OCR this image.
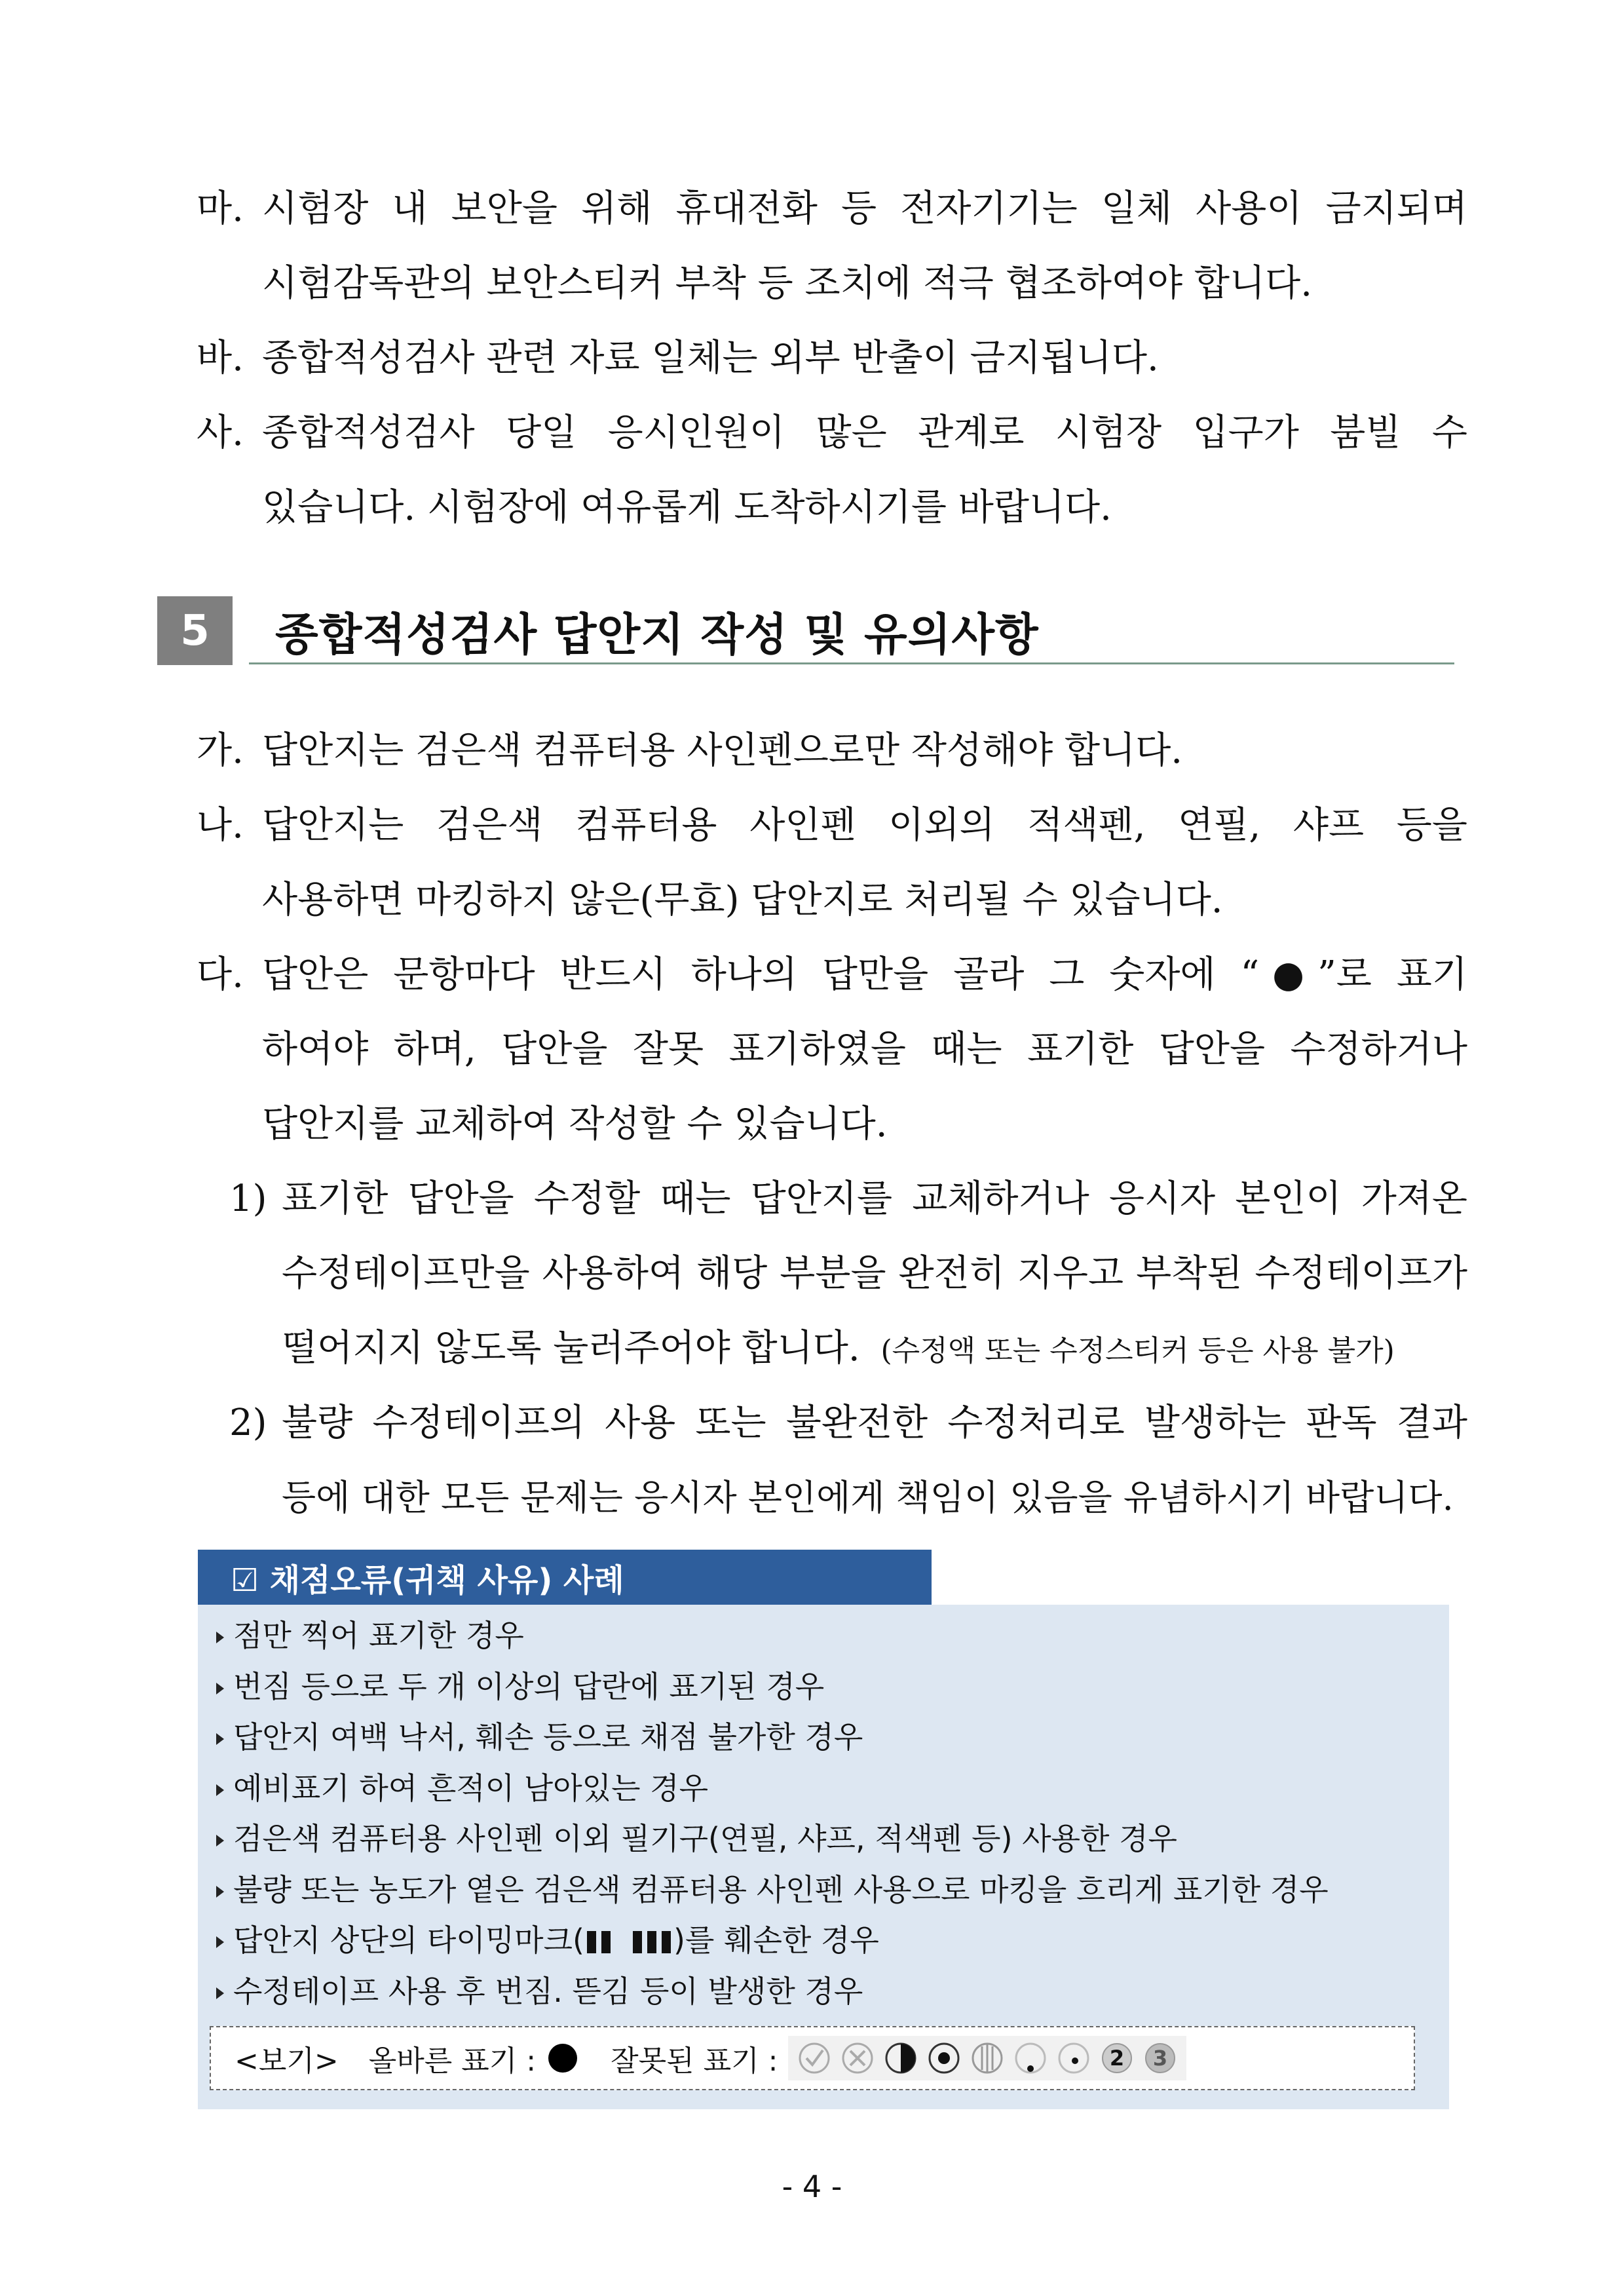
마. 시험장 내 보안을 위해 휴대전화 등 전자기기는 일체 사용이 금지되며
시험감독관의 보안스티커 부착 등 조치에 적극 협조하여야 합니다.
바. 종합적성검사 관련 자료 일체는 외부 반출이 금지됩니다.
사. 종합적성검사 당일 응시인원이 많은 관계로 시험장 입구가 붐빌 수
있습니다. 시험장에 여유롭게 도착하시기를 바랍니다.
5	종합적성검사 답안지 작성 및 유의사항
가. 답안지는 검은색 컴퓨터용 사인펜으로만 작성해야 합니다.
나. 답안지는 검은색 컴퓨터용 사인펜 이외의 적색펜, 연필, 샤프 등을
사용하면 마킹하지 않은(무효) 답안지로 처리될 수 있습니다.
다. 답안은 문항마다 반드시 하나의 답만을 골라 그 숫자에 “●”로 표기
하여야 하며, 답안을 잘못 표기하였을 때는 표기한 답안을 수정하거나
답안지를 교체하여 작성할 수 있습니다.
1) 표기한 답안을 수정할 때는 답안지를 교체하거나 응시자 본인이 가져온
수정테이프만을 사용하여 해당 부분을 완전히 지우고 부착된 수정테이프가
떨어지지 않도록 눌러주어야 합니다. (수정액 또는 수정스티커 등은 사용 불가)
2) 불량 수정테이프의 사용 또는 불완전한 수정처리로 발생하는 판독 결과
등에 대한 모든 문제는 응시자 본인에게 책임이 있음을 유념하시기 바랍니다.
☑ 채점오류(귀책 사유) 사례
점만 찍어 표기한 경우
번짐 등으로 두 개 이상의 답란에 표기된 경우
답안지 여백 낙서, 훼손 등으로 채점 불가한 경우
예비표기 하여 흔적이 남아있는 경우
검은색 컴퓨터용 사인펜 이외 필기구(연필, 샤프, 적색펜 등) 사용한 경우
불량 또는 농도가 옅은 검은색 컴퓨터용 사인펜 사용으로 마킹을 흐리게 표기한 경우
답안지 상단의 타이밍마크(	)를 훼손한 경우
수정테이프 사용 후 번짐. 뜯김 등이 발생한 경우
<보기> 올바른 표기 :	잘못된 표기 :	2 3
- 4 -
